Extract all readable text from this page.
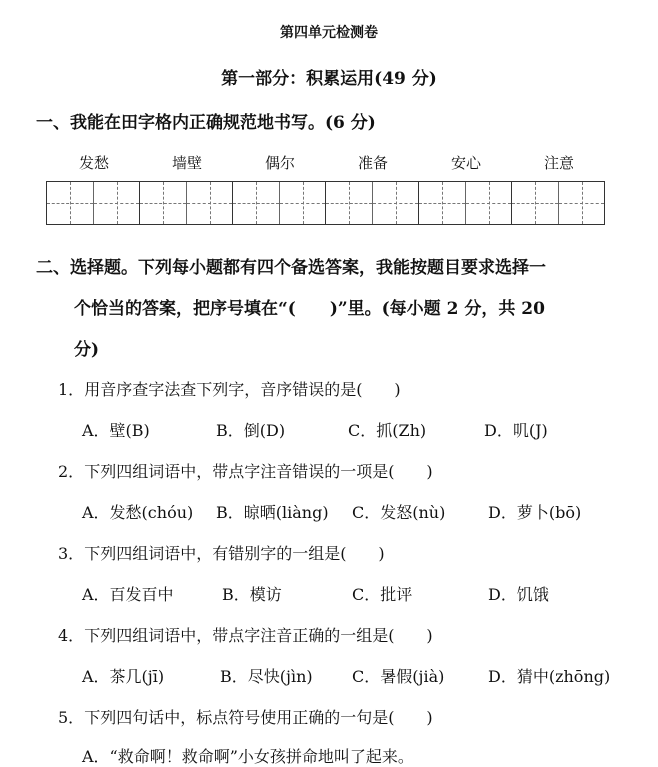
第四单元检测卷
第一部分：积累运用(49 分)
一、我能在田字格内正确规范地书写。(6 分)
发愁	墙壁	偶尔	准备	安心	注意
二、选择题。下列每小题都有四个备选答案，我能按题目要求选择一
个恰当的答案，把序号填在“(　　)”里。(每小题 2 分，共 20
分)
1．用音序查字法查下列字，音序错误的是(　　)
A．壁(B)	B．倒(D)	C．抓(Zh)	D．叽(J)
2．下列四组词语中，带点字注音错误的一项是(　　)
A．发愁(chóu) B．晾晒(liàng) C．发怒(nù)	D．萝卜(bō)
3．下列四组词语中，有错别字的一组是(　　)
A．百发百中	B．模访	C．批评	D．饥饿
4．下列四组词语中，带点字注音正确的一组是(　　)
A．茶几(jī)	B．尽快(jìn) C．暑假(jià)	D．猜中(zhōng)
5．下列四句话中，标点符号使用正确的一句是(　　)
A．“救命啊！救命啊”小女孩拼命地叫了起来。
